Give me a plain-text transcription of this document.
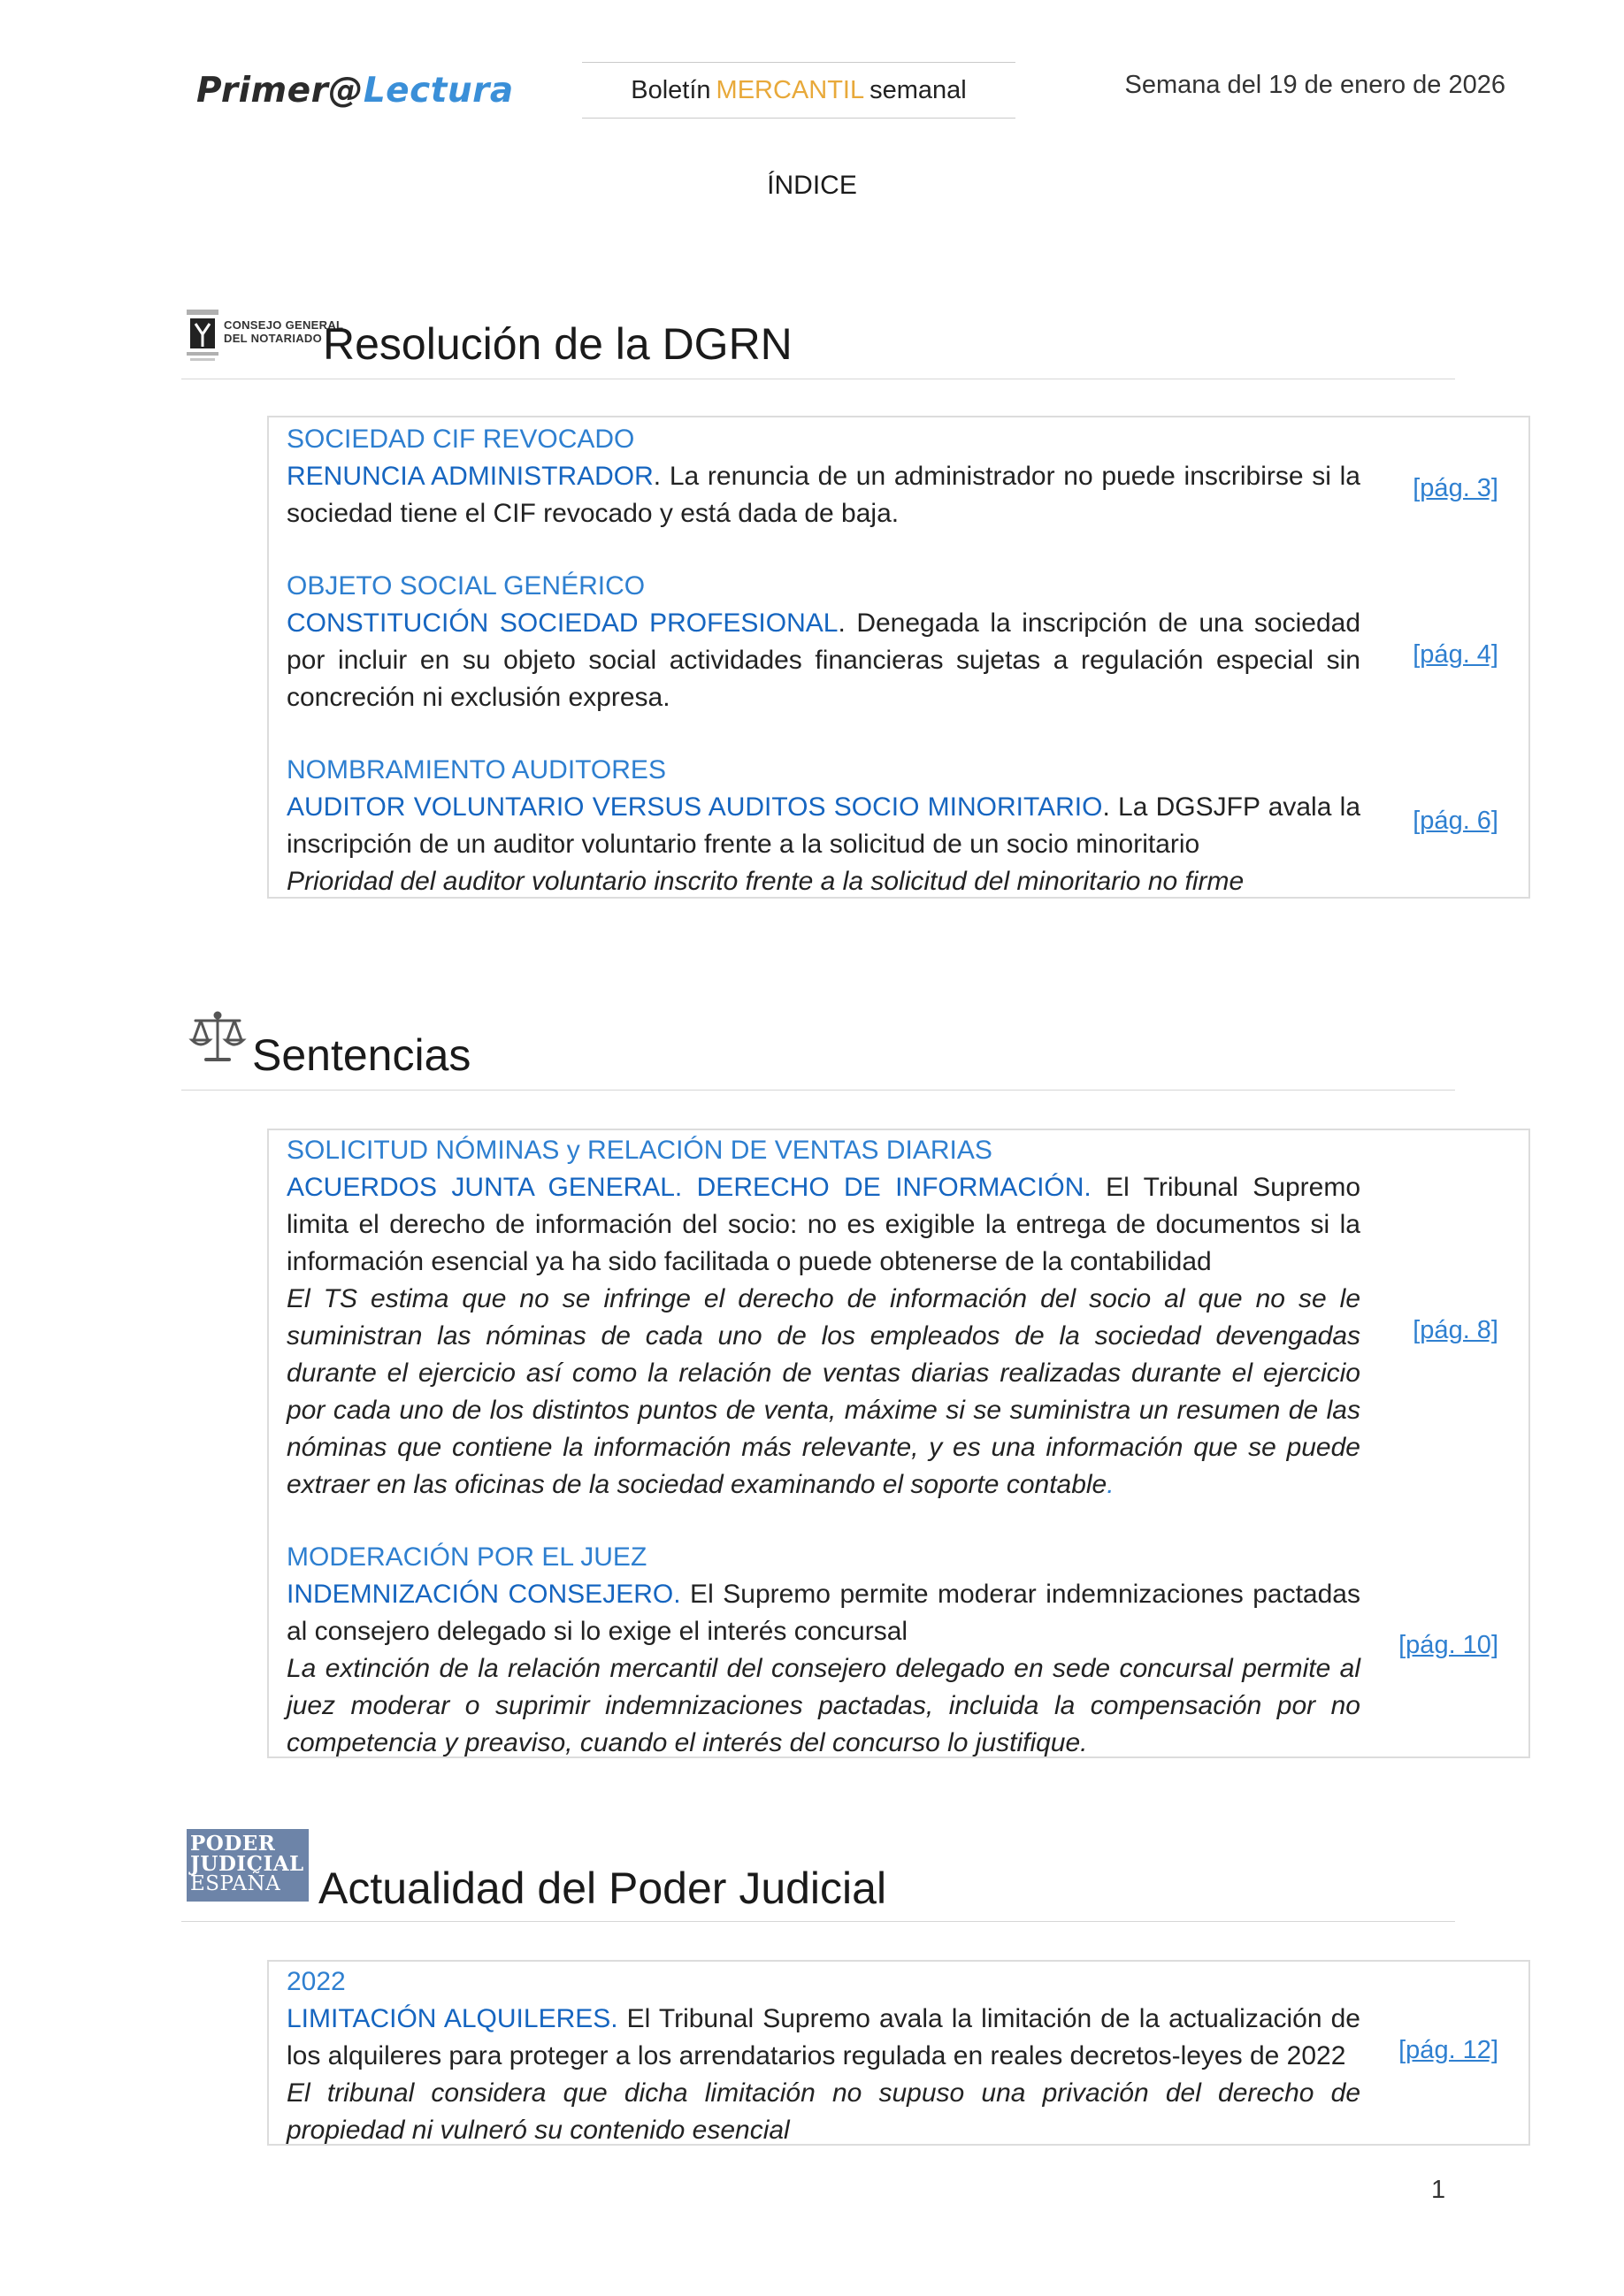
Primer@Lectura	Boletín MERCANTIL semanal	Semana del 19 de enero de 2026
ÍNDICE
CONSEJO GENERAL
DEL NOTARIADO Resolución de la DGRN
SOCIEDAD CIF REVOCADO
RENUNCIA ADMINISTRADOR. La renuncia de un administrador no puede inscribirse si la sociedad tiene el CIF revocado y está dada de baja.
[pág. 3]
OBJETO SOCIAL GENÉRICO
CONSTITUCIÓN SOCIEDAD PROFESIONAL. Denegada la inscripción de una sociedad por incluir en su objeto social actividades financieras sujetas a regulación especial sin concreción ni exclusión expresa.
[pág. 4]
NOMBRAMIENTO AUDITORES
AUDITOR VOLUNTARIO VERSUS AUDITOS SOCIO MINORITARIO. La DGSJFP avala la inscripción de un auditor voluntario frente a la solicitud de un socio minoritario
Prioridad del auditor voluntario inscrito frente a la solicitud del minoritario no firme
[pág. 6]
Sentencias
SOLICITUD NÓMINAS y RELACIÓN DE VENTAS DIARIAS
ACUERDOS JUNTA GENERAL. DERECHO DE INFORMACIÓN. El Tribunal Supremo limita el derecho de información del socio: no es exigible la entrega de documentos si la información esencial ya ha sido facilitada o puede obtenerse de la contabilidad
El TS estima que no se infringe el derecho de información del socio al que no se le suministran las nóminas de cada uno de los empleados de la sociedad devengadas durante el ejercicio así como la relación de ventas diarias realizadas durante el ejercicio por cada uno de los distintos puntos de venta, máxime si se suministra un resumen de las nóminas que contiene la información más relevante, y es una información que se puede extraer en las oficinas de la sociedad examinando el soporte contable.
[pág. 8]
MODERACIÓN POR EL JUEZ
INDEMNIZACIÓN CONSEJERO. El Supremo permite moderar indemnizaciones pactadas al consejero delegado si lo exige el interés concursal
La extinción de la relación mercantil del consejero delegado en sede concursal permite al juez moderar o suprimir indemnizaciones pactadas, incluida la compensación por no competencia y preaviso, cuando el interés del concurso lo justifique.
[pág. 10]
PODER
JUDICIAL
ESPAÑA Actualidad del Poder Judicial
2022
LIMITACIÓN ALQUILERES. El Tribunal Supremo avala la limitación de la actualización de los alquileres para proteger a los arrendatarios regulada en reales decretos-leyes de 2022
El tribunal considera que dicha limitación no supuso una privación del derecho de propiedad ni vulneró su contenido esencial
[pág. 12]
1
